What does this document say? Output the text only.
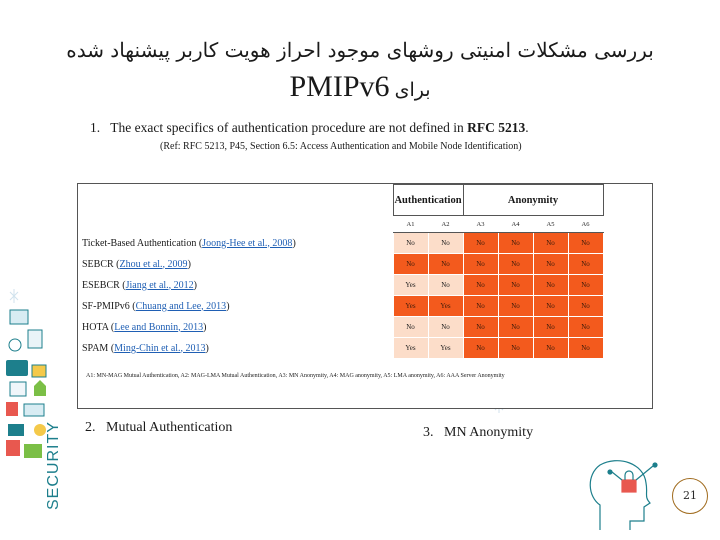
SECURITY
بررسی مشکلات امنیتی روشهای موجود احراز هویت کاربر پیشنهاد شده
برای PMIPv6
1. The exact specifics of authentication procedure are not defined in RFC 5213.
(Ref: RFC 5213, P45, Section 6.5: Access Authentication and Mobile Node Identification)
	Authentication		Anonymity			
	A1	A2	A3	A4	A5	A6
Ticket-Based Authentication (Joong-Hee et al., 2008)	No	No	No	No	No	No
SEBCR (Zhou et al., 2009)	No	No	No	No	No	No
ESEBCR (Jiang et al., 2012)	Yes	No	No	No	No	No
SF-PMIPv6 (Chuang and Lee, 2013)	Yes	Yes	No	No	No	No
HOTA (Lee and Bonnin, 2013)	No	No	No	No	No	No
SPAM (Ming-Chin et al., 2013)	Yes	Yes	No	No	No	No
A1: MN-MAG Mutual Authentication, A2: MAG-LMA Mutual Authentication, A3: MN Anonymity, A4: MAG anonymity, A5: LMA anonymity, A6: AAA Server Anonymity
2. Mutual Authentication	3. MN Anonymity
21
